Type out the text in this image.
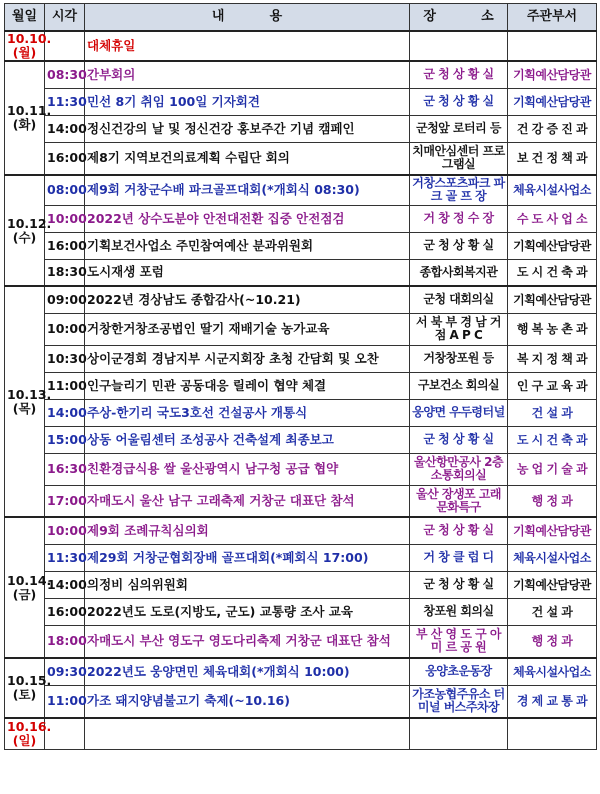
월일	시각	내          용	장          소	주관부서
10.10.
(월)		대체휴일		
10.11.
(화)	08:30	간부회의	군 청 상 황 실	기획예산담당관
	11:30	민선 8기 취임 100일 기자회견	군 청 상 황 실	기획예산담당관
	14:00	정신건강의 날 및 정신건강 홍보주간 기념 캠페인	군청앞 로터리 등	건 강 증 진 과
	16:00	제8기 지역보건의료계획 수립단 회의	치매안심센터 프로그램실	보 건 정 책 과
10.12.
(수)	08:00	제9회 거창군수배 파크골프대회(*개회식 08:30)	거창스포츠파크 파 크 골 프 장	체육시설사업소
	10:00	2022년 상수도분야 안전대전환 집중 안전점검	거 창 정 수 장	수 도 사 업 소
	16:00	기획보건사업소 주민참여예산 분과위원회	군 청 상 황 실	기획예산담당관
	18:30	도시재생 포럼	종합사회복지관	도 시 건 축 과
10.13.
(목)	09:00	2022년 경상남도 종합감사(~10.21)	군청 대회의실	기획예산담당관
	10:00	거창한거창조공법인 딸기 재배기술 농가교육	서 북 부 경 남 거 점 A P C	행 복 농 촌 과
	10:30	상이군경회 경남지부 시군지회장 초청 간담회 및 오찬	거창창포원 등	복 지 정 책 과
	11:00	인구늘리기 민관 공동대응 릴레이 협약 체결	구보건소 회의실	인 구 교 육 과
	14:00	주상-한기리 국도3호선 건설공사 개통식	웅양면 우두령터널	건 설 과
	15:00	상동 어울림센터 조성공사 건축설계 최종보고	군 청 상 황 실	도 시 건 축 과
	16:30	친환경급식용 쌀 울산광역시 남구청 공급 협약	울산항만공사 2층 소통회의실	농 업 기 술 과
	17:00	자매도시 울산 남구 고래축제 거창군 대표단 참석	울산 장생포 고래문화특구	행 정 과
10.14.
(금)	10:00	제9회 조례규칙심의회	군 청 상 황 실	기획예산담당관
	11:30	제29회 거창군협회장배 골프대회(*폐회식 17:00)	거 창 클 럽 디	체육시설사업소
	14:00	의정비 심의위원회	군 청 상 황 실	기획예산담당관
	16:00	2022년도 도로(지방도, 군도) 교통량 조사 교육	창포원 회의실	건 설 과
	18:00	자매도시 부산 영도구 영도다리축제 거창군 대표단 참석	부 산 영 도 구 아 미 르 공 원	행 정 과
10.15.
(토)	09:30	2022년도 웅양면민 체육대회(*개회식 10:00)	웅양초운동장	체육시설사업소
	11:00	가조 돼지양념불고기 축제(~10.16)	가조농협주유소 터미널 버스주차장	경 제 교 통 과
10.16.
(일)				
